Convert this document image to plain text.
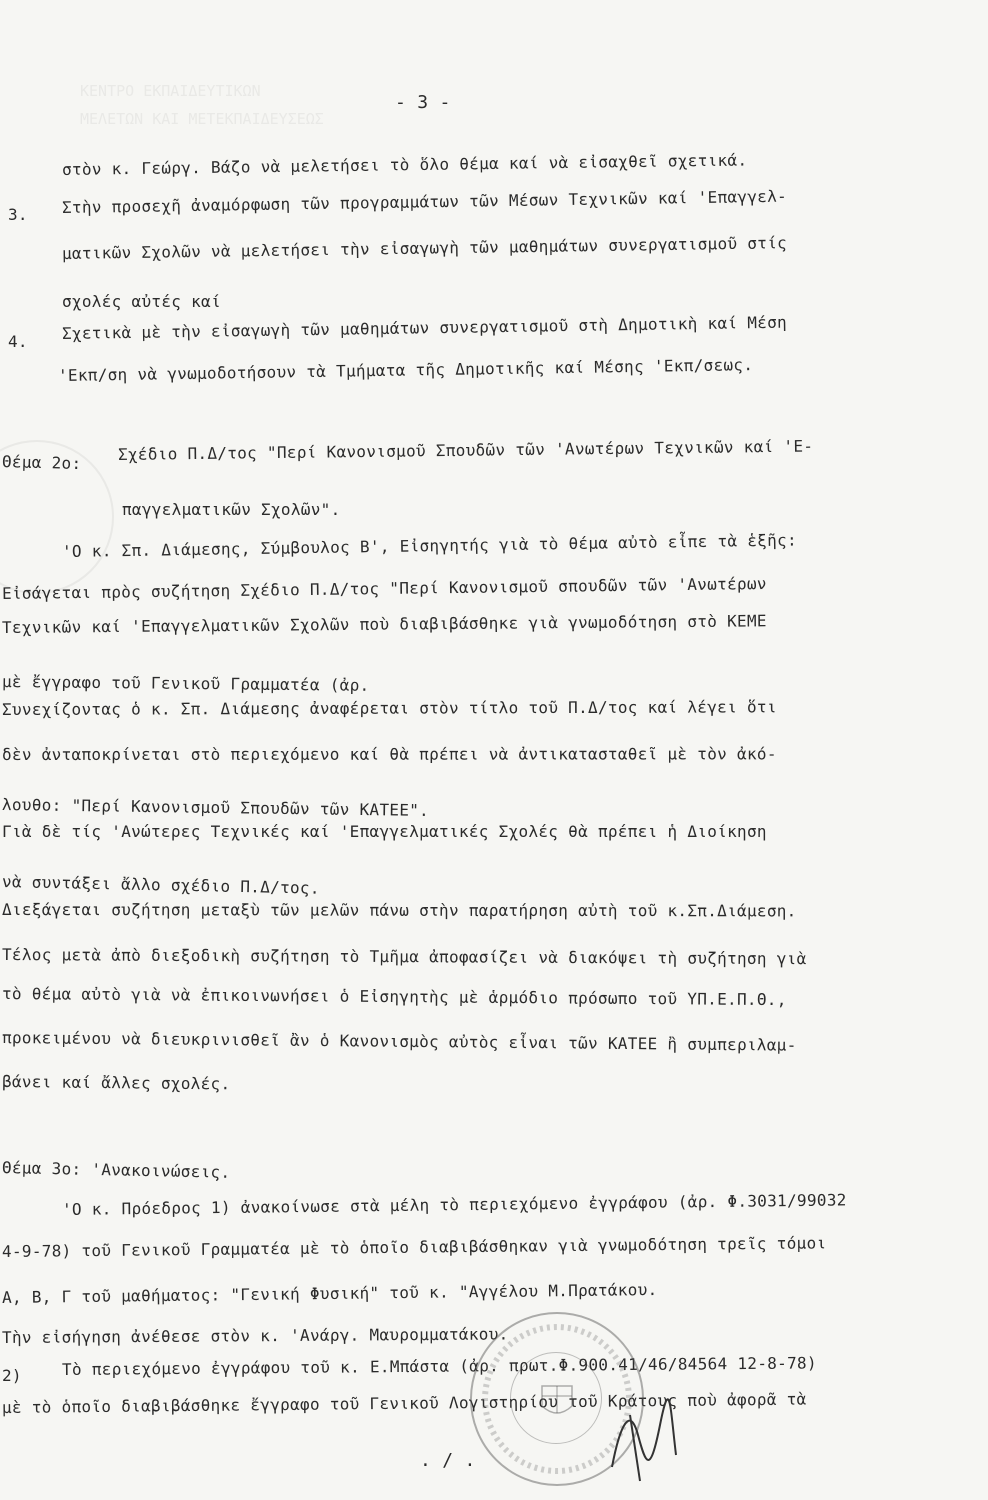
ΚΕΝΤΡΟ ΕΚΠΑΙΔΕΥΤΙΚΩΝ
ΜΕΛΕΤΩΝ ΚΑΙ ΜΕΤΕΚΠΑΙΔΕΥΣΕΩΣ
- 3 -
στὸν κ. Γεώργ. Βάζο νὰ μελετήσει τὸ ὅλο θέμα καί νὰ εἰσαχθεῖ σχετικά.
3. Στὴν προσεχῆ ἀναμόρφωση τῶν προγραμμάτων τῶν Μέσων Τεχνικῶν καί 'Επαγγελ-
ματικῶν Σχολῶν νὰ μελετήσει τὴν εἰσαγωγὴ τῶν μαθημάτων συνεργατισμοῦ στίς
σχολές αὐτές καί
4. Σχετικὰ μὲ τὴν εἰσαγωγὴ τῶν μαθημάτων συνεργατισμοῦ στὴ Δημοτικὴ καί Μέση
'Εκπ/ση νὰ γνωμοδοτήσουν τὰ Τμήματα τῆς Δημοτικῆς καί Μέσης 'Εκπ/σεως.
Θέμα 2ο: Σχέδιο Π.Δ/τος "Περί Κανονισμοῦ Σπουδῶν τῶν 'Ανωτέρων Τεχνικῶν καί 'Ε-
παγγελματικῶν Σχολῶν".
'Ο κ. Σπ. Διάμεσης, Σύμβουλος Β', Εἰσηγητής γιὰ τὸ θέμα αὐτὸ εἶπε τὰ ἑξῆς:
Εἰσάγεται πρὸς συζήτηση Σχέδιο Π.Δ/τος "Περί Κανονισμοῦ σπουδῶν τῶν 'Ανωτέρων
Τεχνικῶν καί 'Επαγγελματικῶν Σχολῶν ποὺ διαβιβάσθηκε γιὰ γνωμοδότηση στὸ ΚΕΜΕ
μὲ ἔγγραφο τοῦ Γενικοῦ Γραμματέα (ἀρ.
Συνεχίζοντας ὁ κ. Σπ. Διάμεσης ἀναφέρεται στὸν τίτλο τοῦ Π.Δ/τος καί λέγει ὅτι
δὲν ἀνταποκρίνεται στὸ περιεχόμενο καί θὰ πρέπει νὰ ἀντικατασταθεῖ μὲ τὸν ἀκό-
λουθο: "Περί Κανονισμοῦ Σπουδῶν τῶν ΚΑΤΕΕ".
Γιὰ δὲ τίς 'Ανώτερες Τεχνικές καί 'Επαγγελματικές Σχολές θὰ πρέπει ἡ Διοίκηση
νὰ συντάξει ἄλλο σχέδιο Π.Δ/τος.
Διεξάγεται συζήτηση μεταξὺ τῶν μελῶν πάνω στὴν παρατήρηση αὐτὴ τοῦ κ.Σπ.Διάμεση.
Τέλος μετὰ ἀπὸ διεξοδικὴ συζήτηση τὸ Τμῆμα ἀποφασίζει νὰ διακόψει τὴ συζήτηση γιὰ
τὸ θέμα αὐτὸ γιὰ νὰ ἐπικοινωνήσει ὁ Εἰσηγητὴς μὲ ἁρμόδιο πρόσωπο τοῦ ΥΠ.Ε.Π.Θ.,
προκειμένου νὰ διευκρινισθεῖ ἂν ὁ Κανονισμὸς αὐτὸς εἶναι τῶν ΚΑΤΕΕ ἢ συμπεριλαμ-
βάνει καί ἄλλες σχολές.
Θέμα 3ο: 'Ανακοινώσεις.
'Ο κ. Πρόεδρος 1) ἀνακοίνωσε στὰ μέλη τὸ περιεχόμενο ἐγγράφου (ἀρ. Φ.3031/99032
4-9-78) τοῦ Γενικοῦ Γραμματέα μὲ τὸ ὁποῖο διαβιβάσθηκαν γιὰ γνωμοδότηση τρεῖς τόμοι
Α, Β, Γ τοῦ μαθήματος: "Γενική Φυσική" τοῦ κ. "Αγγέλου Μ.Πρατάκου.
Τὴν εἰσήγηση ἀνέθεσε στὸν κ. 'Ανάργ. Μαυρομματάκου.
2)	Τὸ περιεχόμενο ἐγγράφου τοῦ κ. Ε.Μπάστα (ἀρ. πρωτ.Φ.900.41/46/84564 12-8-78)
μὲ τὸ ὁποῖο διαβιβάσθηκε ἔγγραφο τοῦ Γενικοῦ Λογιστηρίου τοῦ Κράτους ποὺ ἀφορᾶ τὰ
. / .
